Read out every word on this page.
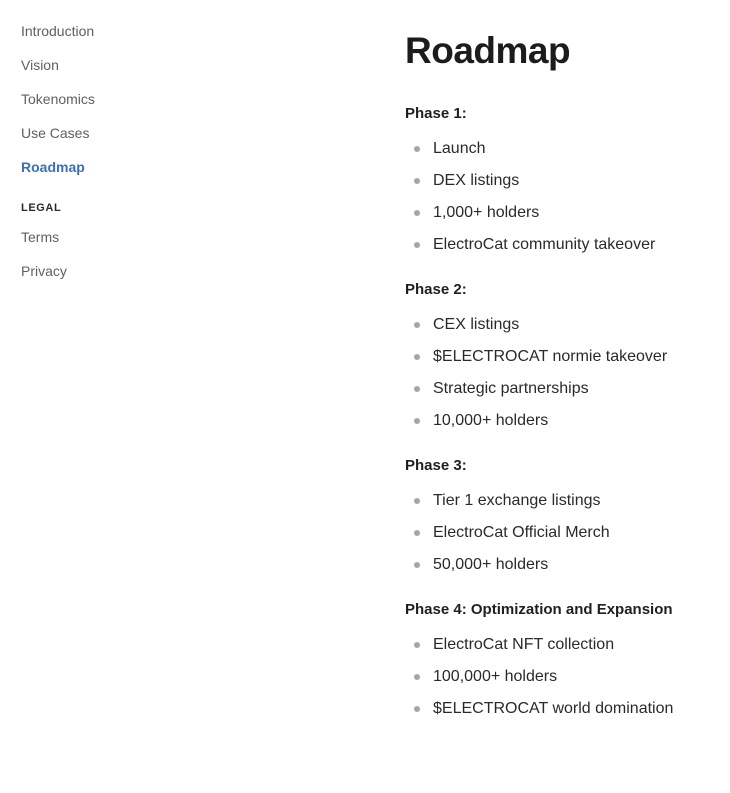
Introduction
Vision
Tokenomics
Use Cases
Roadmap
LEGAL
Terms
Privacy
Roadmap
Phase 1:
Launch
DEX listings
1,000+ holders
ElectroCat community takeover
Phase 2:
CEX listings
$ELECTROCAT normie takeover
Strategic partnerships
10,000+ holders
Phase 3:
Tier 1 exchange listings
ElectroCat Official Merch
50,000+ holders
Phase 4: Optimization and Expansion
ElectroCat NFT collection
100,000+ holders
$ELECTROCAT world domination
